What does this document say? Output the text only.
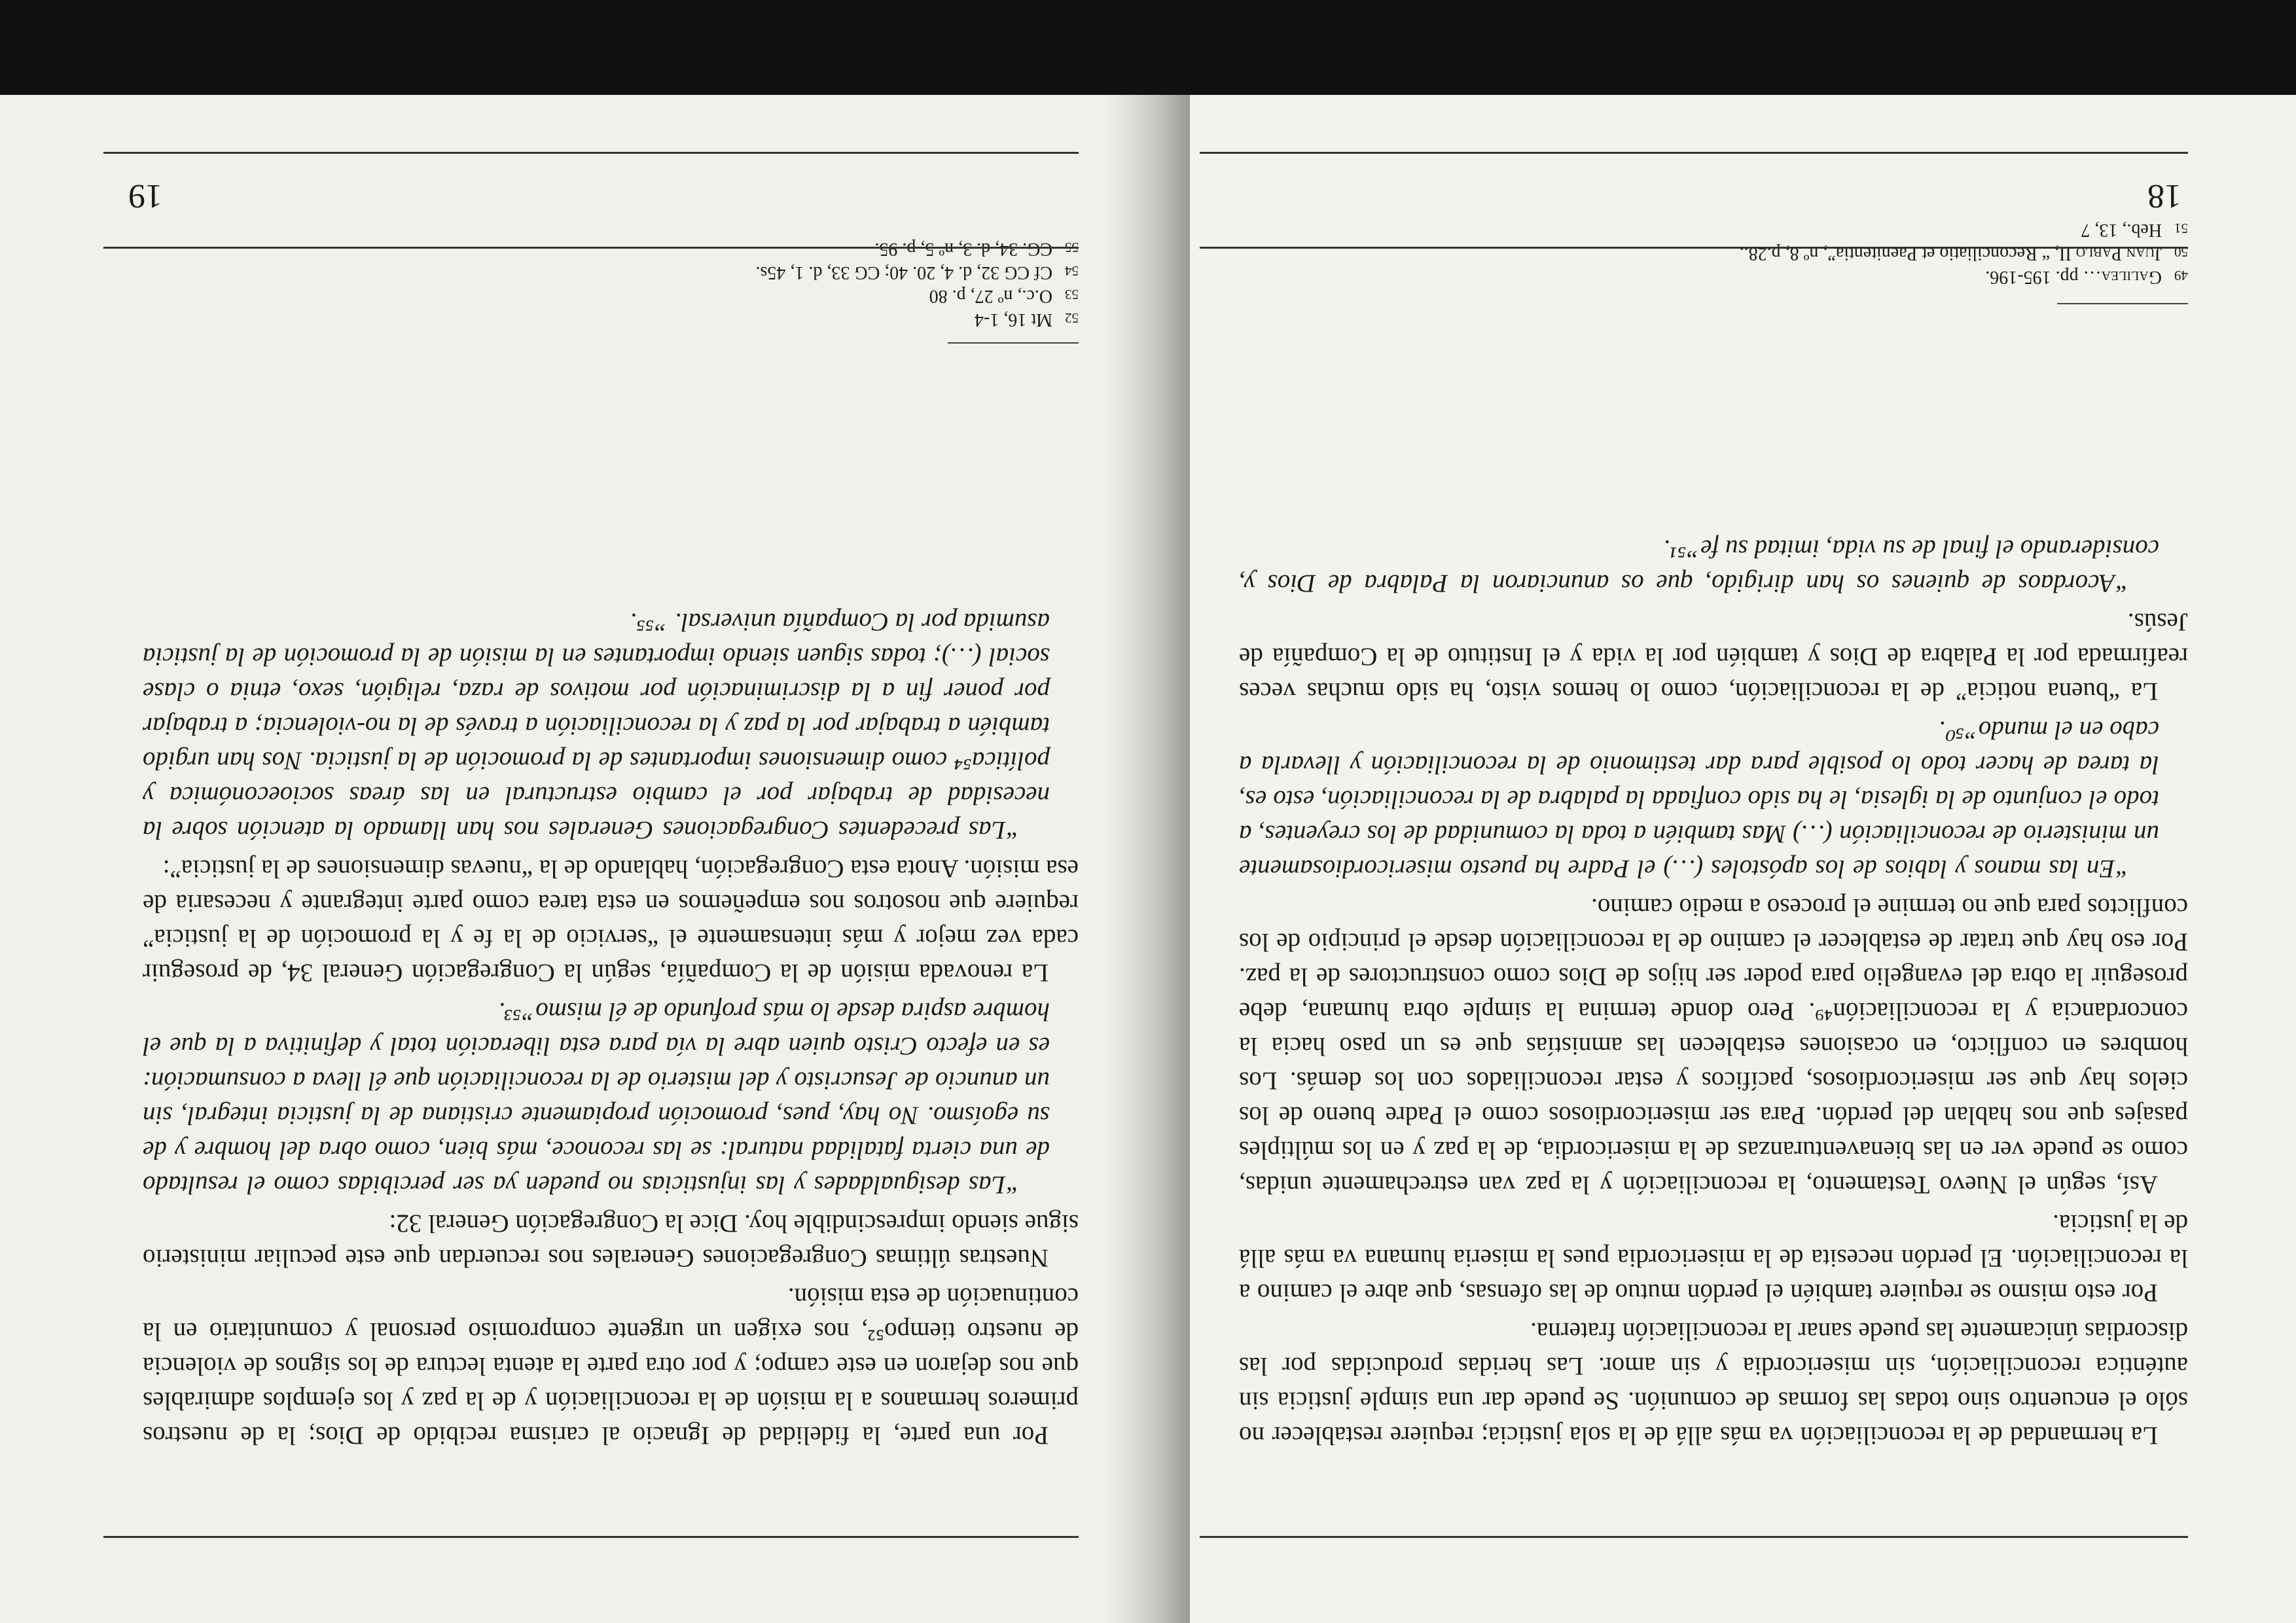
La hermandad de la reconciliación va más allá de la sola justicia; requiere restablecer no sólo el encuentro sino todas las formas de comunión. Se puede dar una simple justicia sin auténtica reconciliación, sin misericordia y sin amor. Las heridas producidas por las discordias únicamente las puede sanar la reconciliación fraterna.

Por esto mismo se requiere también el perdón mutuo de las ofensas, que abre el camino a la reconciliación. El perdón necesita de la misericordia pues la miseria humana va más allá de la justicia.

Así, según el Nuevo Testamento, la reconciliación y la paz van estrechamente unidas, como se puede ver en las bienaventuranzas de la misericordia, de la paz y en los múltiples pasajes que nos hablan del perdón. Para ser misericordiosos como el Padre bueno de los cielos hay que ser misericordiosos, pacíficos y estar reconciliados con los demás. Los hombres en conflicto, en ocasiones establecen las amnistías que es un paso hacia la concordancia y la reconciliación⁴⁹. Pero donde termina la simple obra humana, debe proseguir la obra del evangelio para poder ser hijos de Dios como constructores de la paz. Por eso hay que tratar de establecer el camino de la reconciliación desde el principio de los conflictos para que no termine el proceso a medio camino.

“En las manos y labios de los apóstoles (…) el Padre ha puesto misericordiosamente un ministerio de reconciliación (…) Mas también a toda la comunidad de los creyentes, a todo el conjunto de la iglesia, le ha sido confiada la palabra de la reconciliación, esto es, la tarea de hacer todo lo posible para dar testimonio de la reconciliación y llevarla a cabo en el mundo”⁵⁰.

La “buena noticia” de la reconciliación, como lo hemos visto, ha sido muchas veces reafirmada por la Palabra de Dios y también por la vida y el Instituto de la Compañía de Jesús.

“Acordaos de quienes os han dirigido, que os anunciaron la Palabra de Dios y, considerando el final de su vida, imitad su fe”⁵¹.

49
Galilea
… pp. 195-196.
50
Juan Pablo II
, “ Reconciliatio et Paenitentia”, nº 8, p.28..
51
Heb., 13, 7
18

Por una parte, la fidelidad de Ignacio al carisma recibido de Dios; la de nuestros primeros hermanos a la misión de la reconciliación y de la paz y los ejemplos admirables que nos dejaron en este campo; y por otra parte la atenta lectura de los signos de violencia de nuestro tiempo⁵², nos exigen un urgente compromiso personal y comunitario en la continuación de esta misión.

Nuestras últimas Congregaciones Generales nos recuerdan que este peculiar ministerio sigue siendo imprescindible hoy. Dice la Congregación General 32:

“Las desigualdades y las injusticias no pueden ya ser percibidas como el resultado de una cierta fatalidad natural: se las reconoce, más bien, como obra del hombre y de su egoísmo. No hay, pues, promoción propiamente cristiana de la justicia integral, sin un anuncio de Jesucristo y del misterio de la reconciliación que él lleva a consumación: es en efecto Cristo quien abre la vía para esta liberación total y definitiva a la que el hombre aspira desde lo más profundo de él mismo”⁵³.

La renovada misión de la Compañía, según la Congregación General 34, de proseguir cada vez mejor y más intensamente el “servicio de la fe y la promoción de la justicia” requiere que nosotros nos empeñemos en esta tarea como parte integrante y necesaria de esa misión. Anota esta Congregación, hablando de la “nuevas dimensiones de la justicia”:

“Las precedentes Congregaciones Generales nos han llamado la atención sobre la necesidad de trabajar por el cambio estructural en las áreas socioeconómica y política⁵⁴ como dimensiones importantes de la promoción de la justicia. Nos han urgido también a trabajar por la paz y la reconciliación a través de la no-violencia; a trabajar por poner fin a la discriminación por motivos de raza, religión, sexo, etnia o clase social (…); todas siguen siendo importantes en la misión de la promoción de la justicia asumida por la Compañía universal. ”⁵⁵.

52
Mt 16, 1-4
53
O.c., nº 27, p. 80
54
Cf CG 32, d. 4, 20. 40; CG 33, d. 1, 45s.
55
CG. 34, d. 3, nº 5, p. 95.
19
